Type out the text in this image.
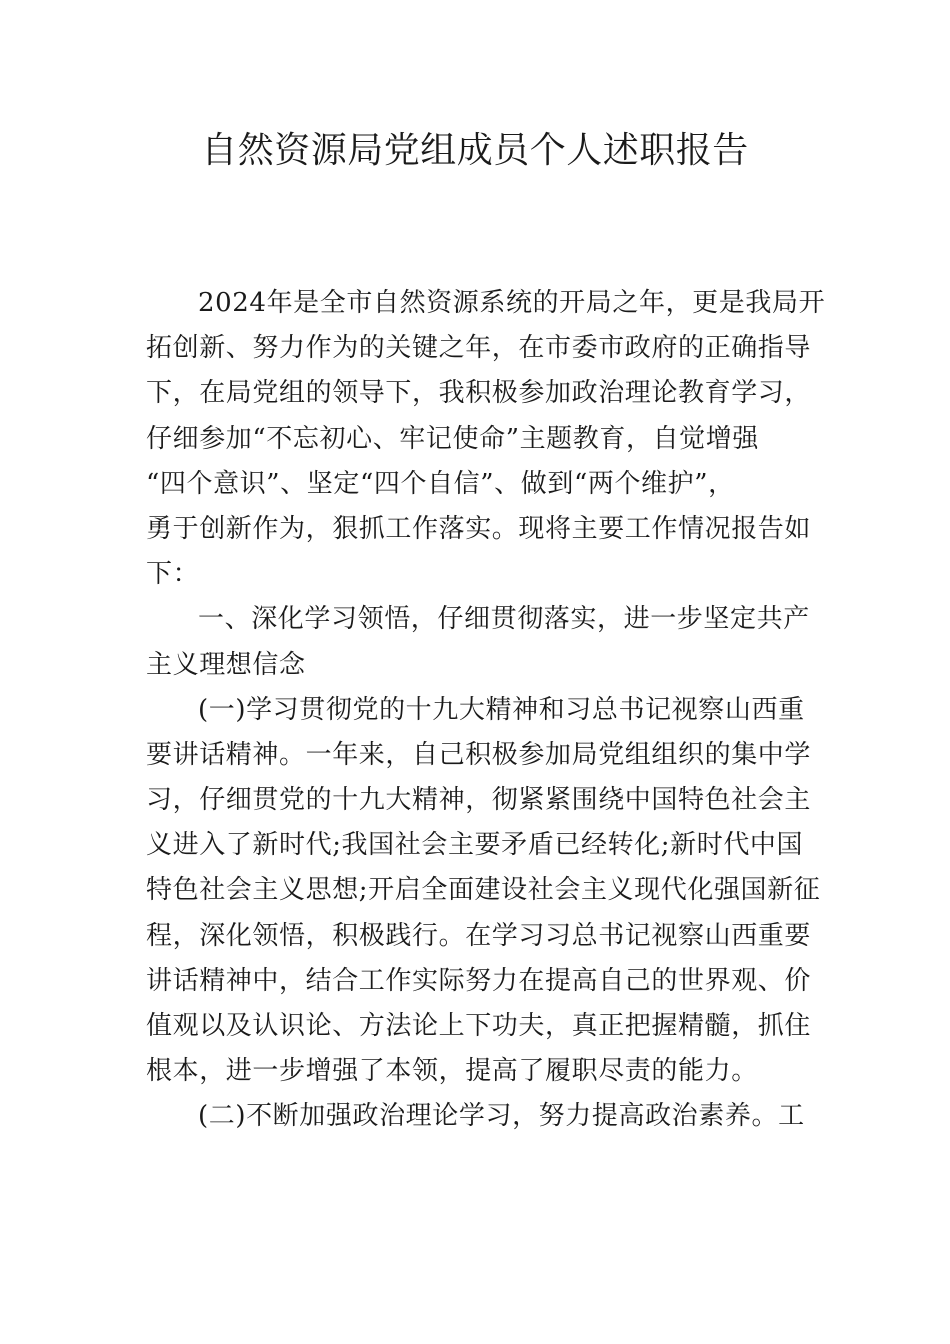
自然资源局党组成员个人述职报告
2024年是全市自然资源系统的开局之年，更是我局开
拓创新、努力作为的关键之年，在市委市政府的正确指导
下，在局党组的领导下，我积极参加政治理论教育学习，
仔细参加“不忘初心、牢记使命”主题教育，自觉增强
“四个意识”、坚定“四个自信”、做到“两个维护”，
勇于创新作为，狠抓工作落实。现将主要工作情况报告如
下：
一、深化学习领悟，仔细贯彻落实，进一步坚定共产
主义理想信念
(一)学习贯彻党的十九大精神和习总书记视察山西重
要讲话精神。一年来，自己积极参加局党组组织的集中学
习，仔细贯党的十九大精神，彻紧紧围绕中国特色社会主
义进入了新时代;我国社会主要矛盾已经转化;新时代中国
特色社会主义思想;开启全面建设社会主义现代化强国新征
程，深化领悟，积极践行。在学习习总书记视察山西重要
讲话精神中，结合工作实际努力在提高自己的世界观、价
值观以及认识论、方法论上下功夫，真正把握精髓，抓住
根本，进一步增强了本领，提高了履职尽责的能力。
(二)不断加强政治理论学习，努力提高政治素养。工
